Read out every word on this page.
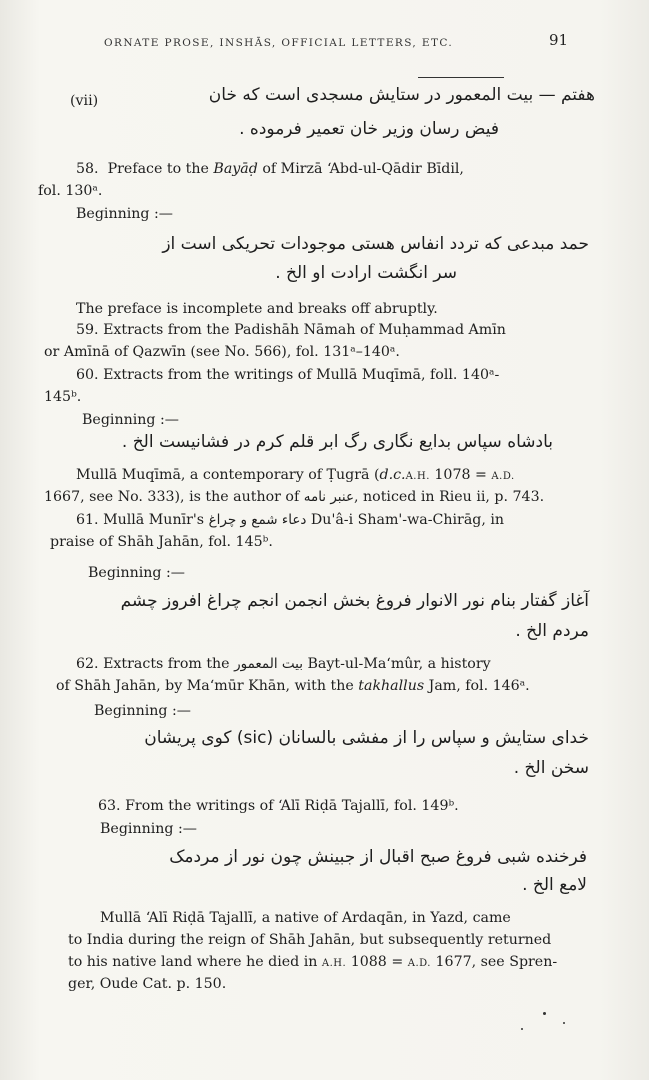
ORNATE PROSE, INSHĀS, OFFICIAL LETTERS, ETC.	91
(vii)	هفتم — بیت المعمور در ستایش مسجدی است که خان
فیض رسان وزیر خان تعمیر فرموده .
58. Preface to the Bayāḍ of Mirzā ʻAbd-ul-Qādir Bīdil,
fol. 130ᵃ.
Beginning :—
حمد مبدعی که تردد انفاس هستی موجودات تحریکی است از
سر انگشت ارادت او الخ .
The preface is incomplete and breaks off abruptly.
59. Extracts from the Padishāh Nāmah of Muḥammad Amīn
or Amīnā of Qazwīn (see No. 566), fol. 131ᵃ–140ᵃ.
60. Extracts from the writings of Mullā Muqīmā, foll. 140ᵃ-
145ᵇ.
Beginning :—
بادشاه سپاس بدایع نگاری رگ ابر قلم کرم در فشانیست الخ .
Mullā Muqīmā, a contemporary of Ṭugrā (d.c.A.H. 1078 = A.D.
1667, see No. 333), is the author of عنبر نامه, noticed in Rieu ii, p. 743.
61. Mullā Munīr's دعاء شمع و چراغ Du'â-i Sham'-wa-Chirāg, in
praise of Shāh Jahān, fol. 145ᵇ.
Beginning :—
آغاز گفتار بنام نور الانوار فروغ بخش انجمن انجم چراغ افروز چشم
مردم الخ .
62. Extracts from the بیت المعمور Bayt-ul-Maʻmûr, a history
of Shāh Jahān, by Maʻmūr Khān, with the takhallus Jam, fol. 146ᵃ.
Beginning :—
خدای ستایش و سپاس را از مفشی بالسانان (sic) کوی پریشان
سخن الخ .
63. From the writings of ʻAlī Riḍā Tajallī, fol. 149ᵇ.
Beginning :—
فرخنده شبی فروغ صبح اقبال از جبینش چون نور از مردمک
لامع الخ .
Mullā ʻAlī Riḍā Tajallī, a native of Ardaqān, in Yazd, came
to India during the reign of Shāh Jahān, but subsequently returned
to his native land where he died in A.H. 1088 = A.D. 1677, see Spren-
ger, Oude Cat. p. 150.
